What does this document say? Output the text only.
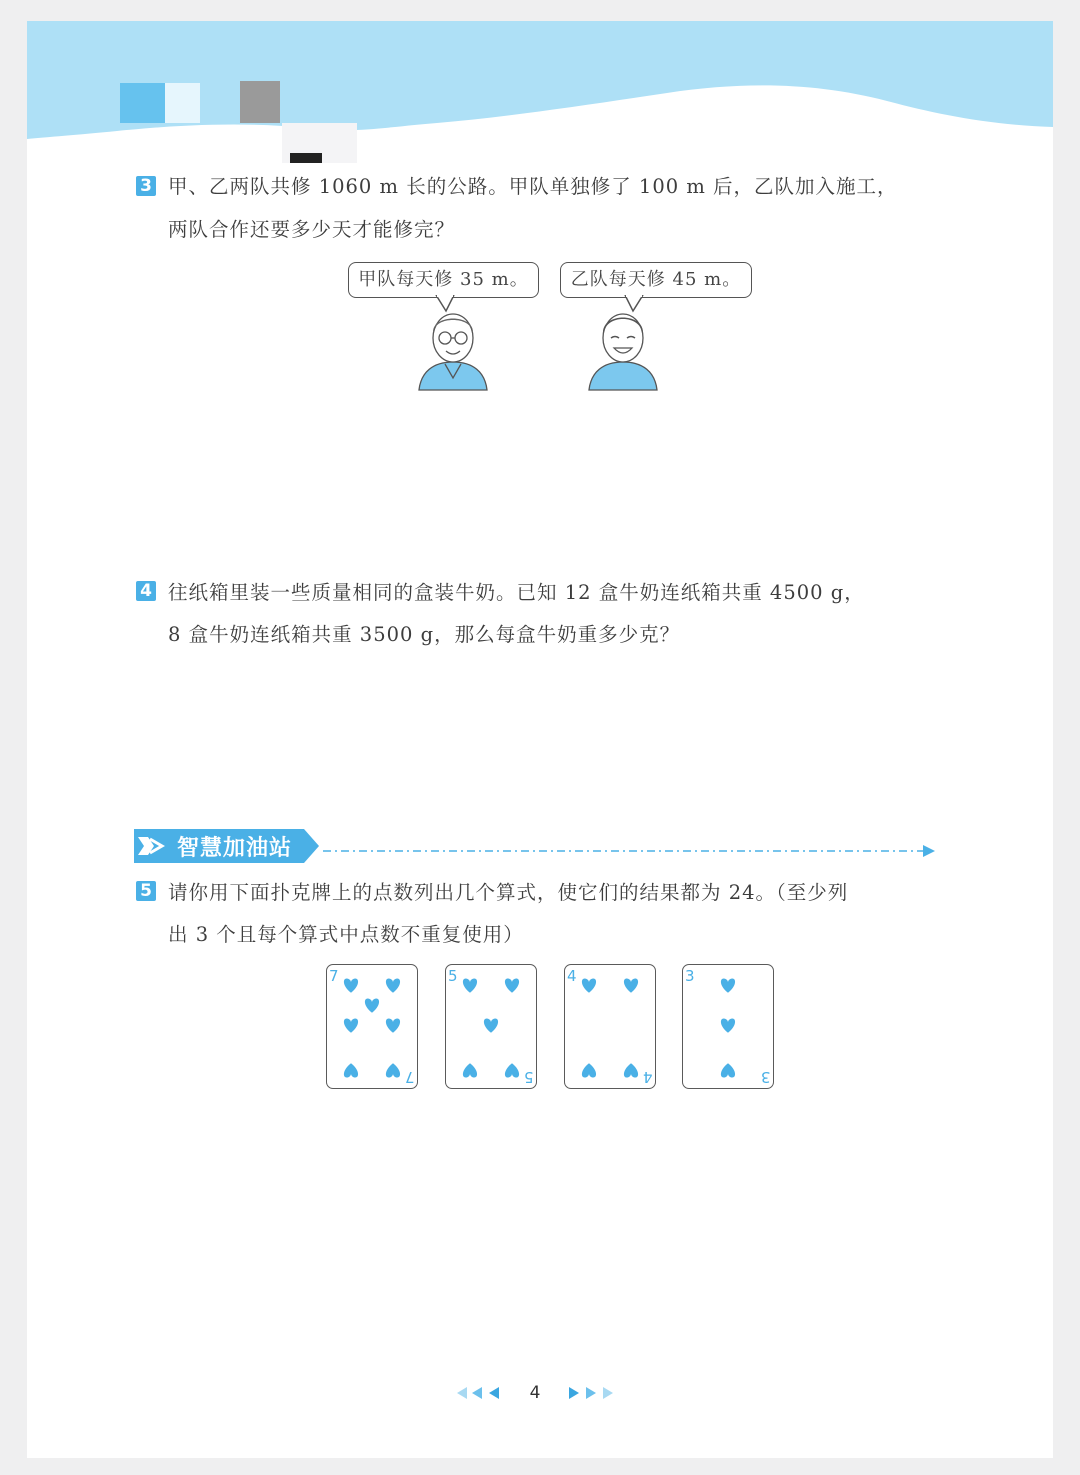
3 甲、乙两队共修 1060 m 长的公路。甲队单独修了 100 m 后，乙队加入施工，
两队合作还要多少天才能修完？
甲队每天修 35 m。	乙队每天修 45 m。
4 往纸箱里装一些质量相同的盒装牛奶。已知 12 盒牛奶连纸箱共重 4500 g，
8 盒牛奶连纸箱共重 3500 g，那么每盒牛奶重多少克？
智慧加油站
5 请你用下面扑克牌上的点数列出几个算式，使它们的结果都为 24。（至少列
出 3 个且每个算式中点数不重复使用）
7
7
5
5
4
4
3
3
4
